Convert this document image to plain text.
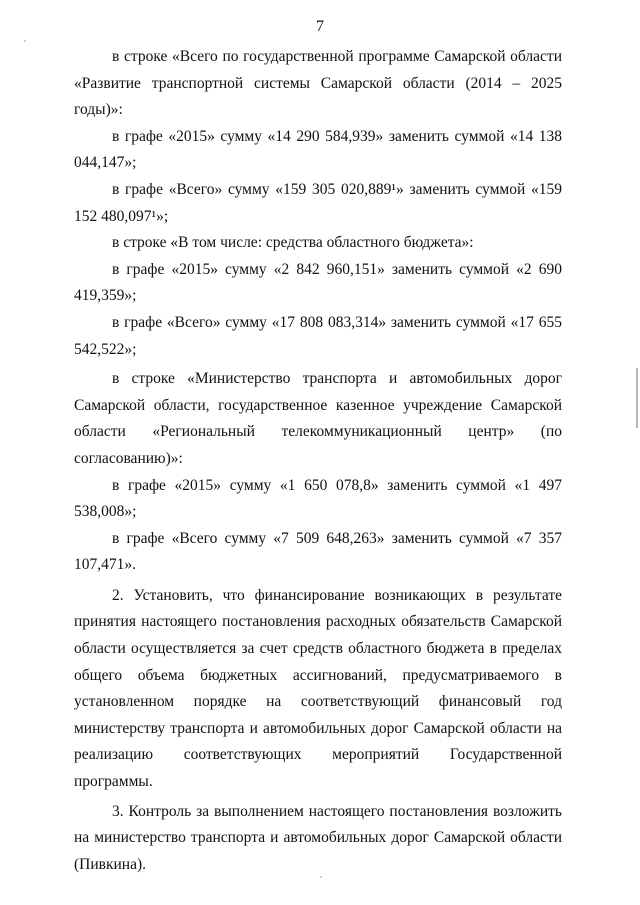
7

в строке «Всего по государственной программе Самарской области «Развитие транспортной системы Самарской области (2014 – 2025 годы)»:

в графе «2015» сумму «14 290 584,939» заменить суммой «14 138 044,147»;

в графе «Всего» сумму «159 305 020,889¹» заменить суммой «159 152 480,097¹»;

в строке «В том числе: средства областного бюджета»:

в графе «2015» сумму «2 842 960,151» заменить суммой «2 690 419,359»;

в графе «Всего» сумму «17 808 083,314» заменить суммой «17 655 542,522»;

в строке «Министерство транспорта и автомобильных дорог Самарской области, государственное казенное учреждение Самарской области «Региональный телекоммуникационный центр» (по согласованию)»:

в графе «2015» сумму «1 650 078,8» заменить суммой «1 497 538,008»;

в графе «Всего сумму «7 509 648,263» заменить суммой «7 357 107,471».

2. Установить, что финансирование возникающих в результате принятия настоящего постановления расходных обязательств Самарской области осуществляется за счет средств областного бюджета в пределах общего объема бюджетных ассигнований, предусматриваемого в установленном порядке на соответствующий финансовый год министерству транспорта и автомобильных дорог Самарской области на реализацию соответствующих мероприятий Государственной программы.

3. Контроль за выполнением настоящего постановления возложить на министерство транспорта и автомобильных дорог Самарской области (Пивкина).
